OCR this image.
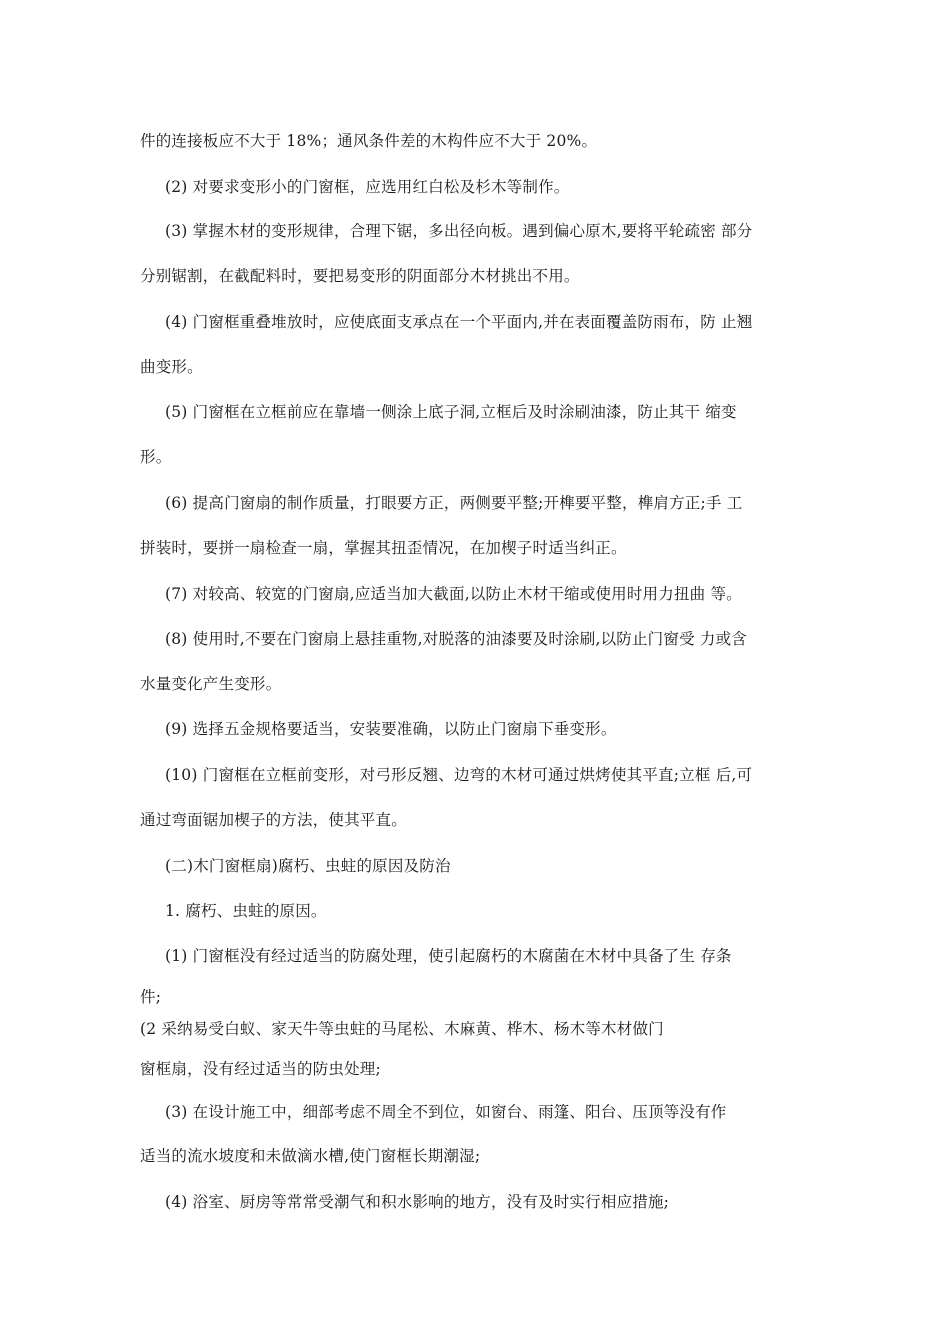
件的连接板应不大于 18%；通风条件差的木构件应不大于 20%。
(2) 对要求变形小的门窗框，应选用红白松及杉木等制作。
(3) 掌握木材的变形规律，合理下锯，多出径向板。遇到偏心原木,要将平轮疏密 部分
分别锯割，在截配料时，要把易变形的阴面部分木材挑出不用。
(4) 门窗框重叠堆放时，应使底面支承点在一个平面内,并在表面覆盖防雨布，防 止翘
曲变形。
(5) 门窗框在立框前应在靠墙一侧涂上底子洞,立框后及时涂刷油漆，防止其干 缩变
形。
(6) 提高门窗扇的制作质量，打眼要方正，两侧要平整;开榫要平整，榫肩方正;手 工
拼装时，要拼一扇检查一扇，掌握其扭歪情况，在加楔子时适当纠正。
(7) 对较高、较宽的门窗扇,应适当加大截面,以防止木材干缩或使用时用力扭曲 等。
(8) 使用时,不要在门窗扇上悬挂重物,对脱落的油漆要及时涂刷,以防止门窗受 力或含
水量变化产生变形。
(9) 选择五金规格要适当，安装要准确，以防止门窗扇下垂变形。
(10) 门窗框在立框前变形，对弓形反翘、边弯的木材可通过烘烤使其平直;立框 后,可
通过弯面锯加楔子的方法，使其平直。
(二)木门窗框扇)腐朽、虫蛀的原因及防治
1. 腐朽、虫蛀的原因。
(1) 门窗框没有经过适当的防腐处理，使引起腐朽的木腐菌在木材中具备了生 存条
件;
(2 采纳易受白蚁、家天牛等虫蛀的马尾松、木麻黄、桦木、杨木等木材做门
窗框扇，没有经过适当的防虫处理;
(3) 在设计施工中，细部考虑不周全不到位，如窗台、雨篷、阳台、压顶等没有作
适当的流水坡度和未做滴水槽,使门窗框长期潮湿;
(4) 浴室、厨房等常常受潮气和积水影响的地方，没有及时实行相应措施;
